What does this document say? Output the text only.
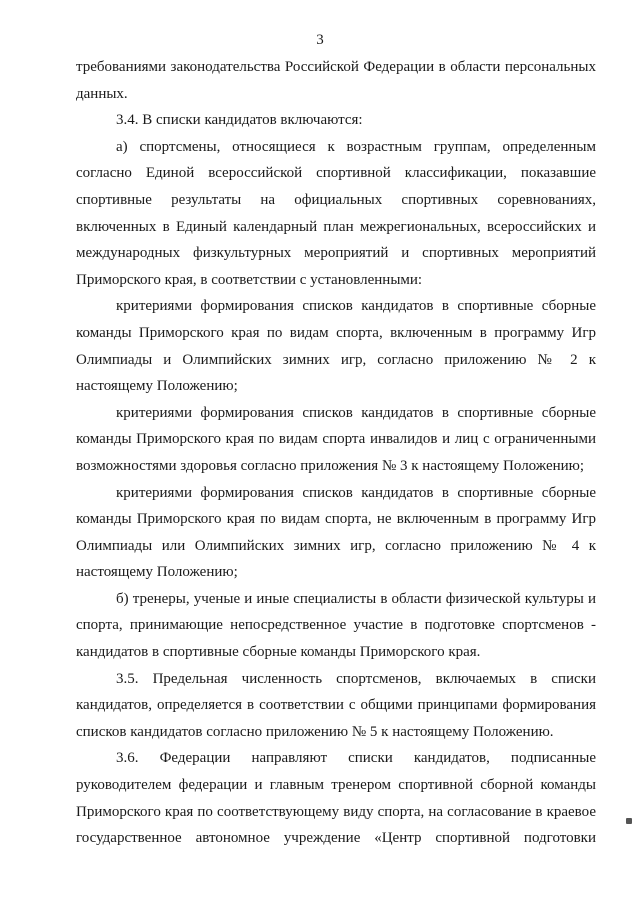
3
требованиями законодательства Российской Федерации в области персональных
данных.
3.4. В списки кандидатов включаются:
а) спортсмены, относящиеся к возрастным группам, определенным
согласно Единой всероссийской спортивной классификации, показавшие
спортивные результаты на официальных спортивных соревнованиях,
включенных в Единый календарный план межрегиональных, всероссийских и
международных физкультурных мероприятий и спортивных мероприятий
Приморского края, в соответствии с установленными:
критериями формирования списков кандидатов в спортивные сборные
команды Приморского края по видам спорта, включенным в программу Игр
Олимпиады и Олимпийских зимних игр, согласно приложению № 2 к
настоящему Положению;
критериями формирования списков кандидатов в спортивные сборные
команды Приморского края по видам спорта инвалидов и лиц с ограниченными
возможностями здоровья согласно приложения № 3 к настоящему Положению;
критериями формирования списков кандидатов в спортивные сборные
команды Приморского края по видам спорта, не включенным в программу Игр
Олимпиады или Олимпийских зимних игр, согласно приложению № 4 к
настоящему Положению;
б) тренеры, ученые и иные специалисты в области физической культуры и
спорта, принимающие непосредственное участие в подготовке спортсменов -
кандидатов в спортивные сборные команды Приморского края.
3.5. Предельная численность спортсменов, включаемых в списки
кандидатов, определяется в соответствии с общими принципами формирования
списков кандидатов согласно приложению № 5 к настоящему Положению.
3.6. Федерации направляют списки кандидатов, подписанные
руководителем федерации и главным тренером спортивной сборной команды
Приморского края по соответствующему виду спорта, на согласование в краевое
государственное автономное учреждение «Центр спортивной подготовки
